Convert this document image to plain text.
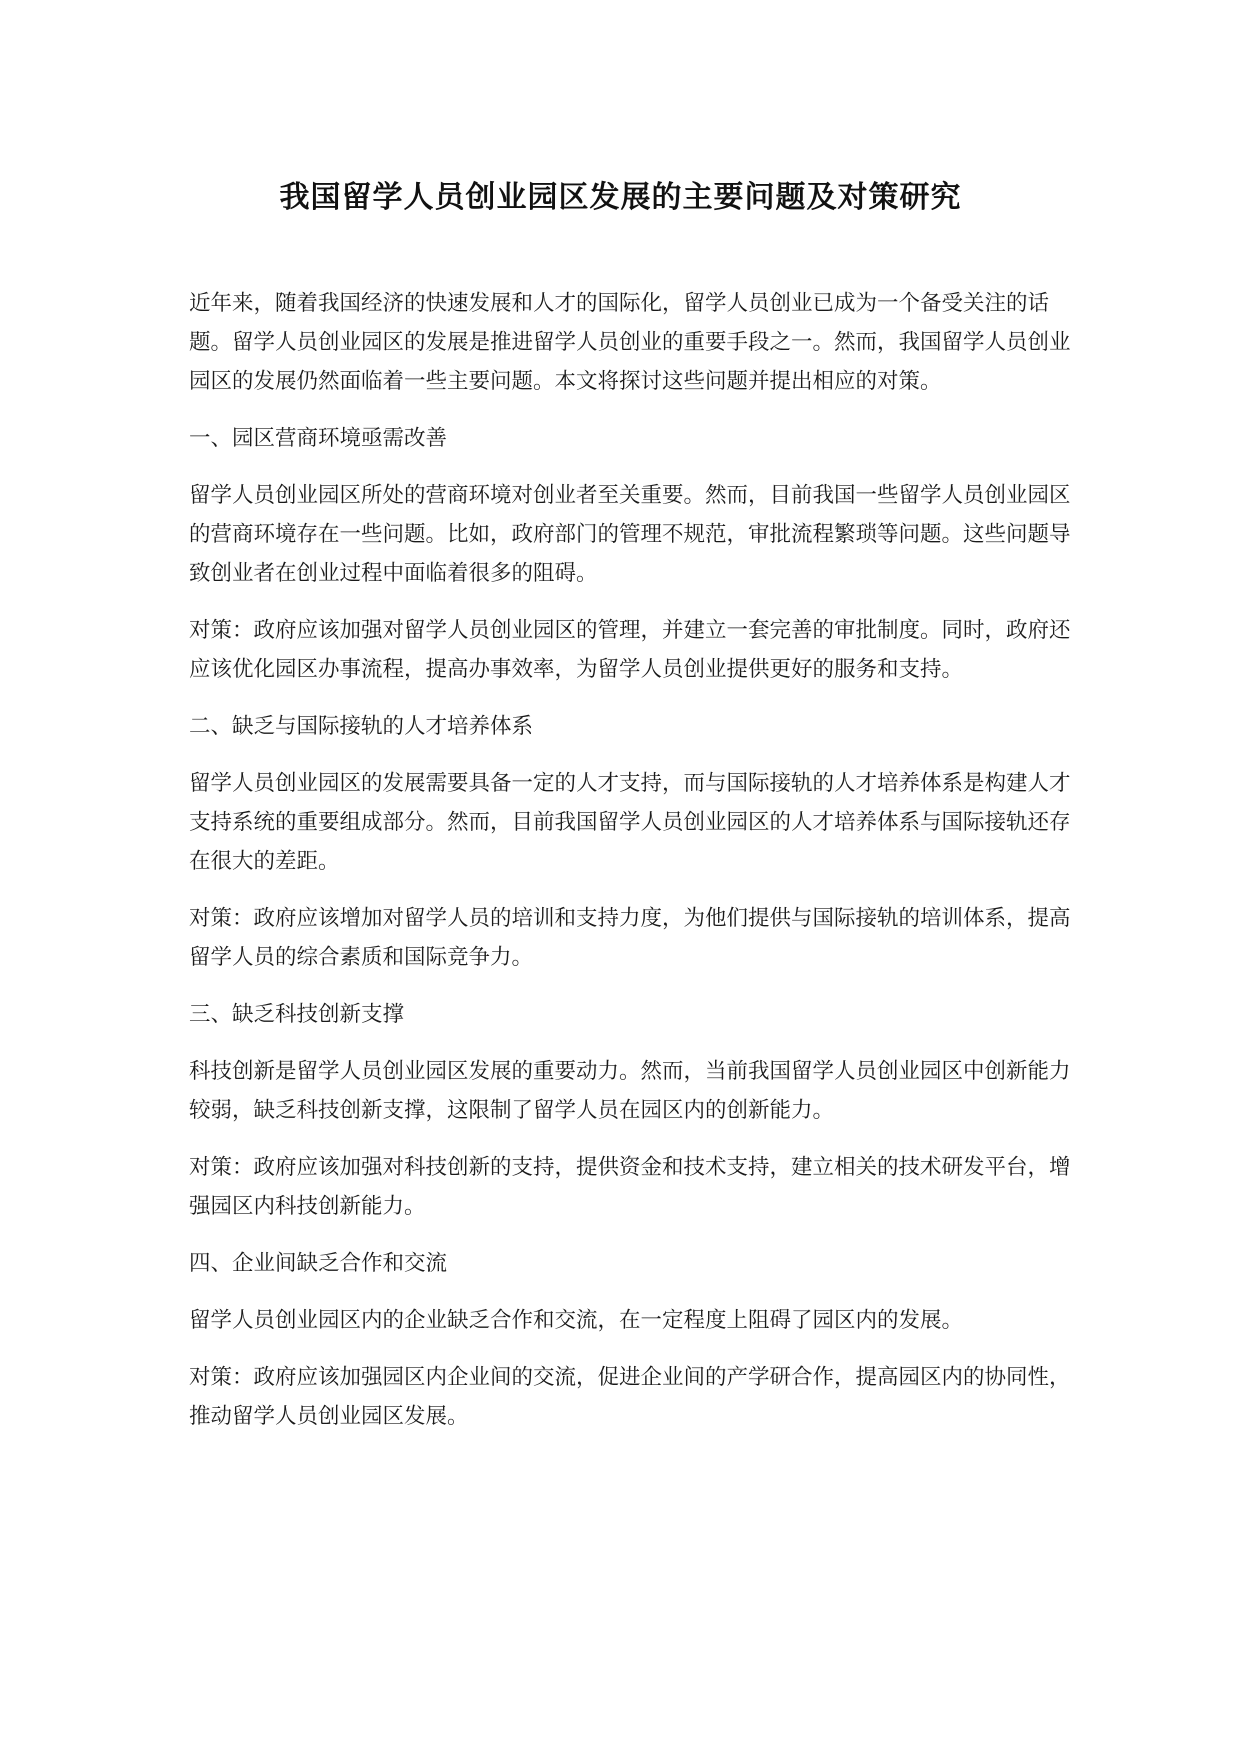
我国留学人员创业园区发展的主要问题及对策研究

近年来，随着我国经济的快速发展和人才的国际化，留学人员创业已成为一个备受关注的话题。留学人员创业园区的发展是推进留学人员创业的重要手段之一。然而，我国留学人员创业园区的发展仍然面临着一些主要问题。本文将探讨这些问题并提出相应的对策。

一、园区营商环境亟需改善

留学人员创业园区所处的营商环境对创业者至关重要。然而，目前我国一些留学人员创业园区的营商环境存在一些问题。比如，政府部门的管理不规范，审批流程繁琐等问题。这些问题导致创业者在创业过程中面临着很多的阻碍。

对策：政府应该加强对留学人员创业园区的管理，并建立一套完善的审批制度。同时，政府还应该优化园区办事流程，提高办事效率，为留学人员创业提供更好的服务和支持。

二、缺乏与国际接轨的人才培养体系

留学人员创业园区的发展需要具备一定的人才支持，而与国际接轨的人才培养体系是构建人才支持系统的重要组成部分。然而，目前我国留学人员创业园区的人才培养体系与国际接轨还存在很大的差距。

对策：政府应该增加对留学人员的培训和支持力度，为他们提供与国际接轨的培训体系，提高留学人员的综合素质和国际竞争力。

三、缺乏科技创新支撑

科技创新是留学人员创业园区发展的重要动力。然而，当前我国留学人员创业园区中创新能力较弱，缺乏科技创新支撑，这限制了留学人员在园区内的创新能力。

对策：政府应该加强对科技创新的支持，提供资金和技术支持，建立相关的技术研发平台，增强园区内科技创新能力。

四、企业间缺乏合作和交流

留学人员创业园区内的企业缺乏合作和交流，在一定程度上阻碍了园区内的发展。

对策：政府应该加强园区内企业间的交流，促进企业间的产学研合作，提高园区内的协同性，推动留学人员创业园区发展。
